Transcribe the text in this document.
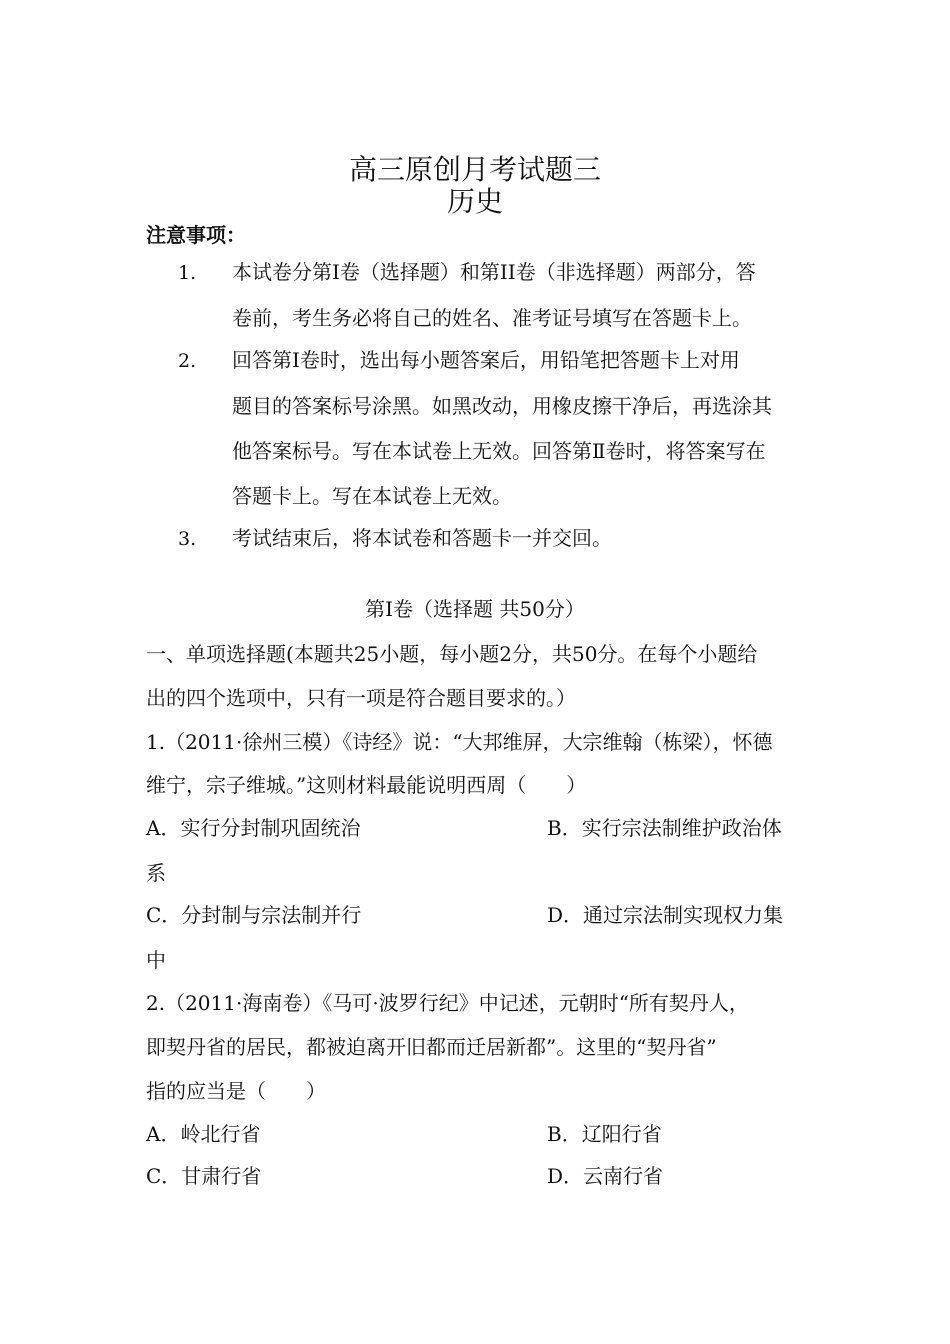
高三原创月考试题三
历史
注意事项：
1. 本试卷分第Ⅰ卷（选择题）和第II卷（非选择题）两部分，答
卷前，考生务必将自己的姓名、准考证号填写在答题卡上。
2. 回答第Ⅰ卷时，选出每小题答案后，用铅笔把答题卡上对用
题目的答案标号涂黑。如黑改动，用橡皮擦干净后，再选涂其
他答案标号。写在本试卷上无效。回答第Ⅱ卷时，将答案写在
答题卡上。写在本试卷上无效。
3. 考试结束后，将本试卷和答题卡一并交回。
第Ⅰ卷（选择题 共50分）
一、单项选择题(本题共25小题，每小题2分，共50分。在每个小题给
出的四个选项中，只有一项是符合题目要求的。）
1.（2011·徐州三模）《诗经》说：“大邦维屏，大宗维翰（栋梁），怀德
维宁，宗子维城。”这则材料最能说明西周（　　）
A．实行分封制巩固统治	B．实行宗法制维护政治体
系
C．分封制与宗法制并行	D．通过宗法制实现权力集
中
2.（2011·海南卷）《马可·波罗行纪》中记述，元朝时“所有契丹人，
即契丹省的居民，都被迫离开旧都而迁居新都”。这里的“契丹省”
指的应当是（　　）
A．岭北行省	B．辽阳行省
C．甘肃行省	D．云南行省
